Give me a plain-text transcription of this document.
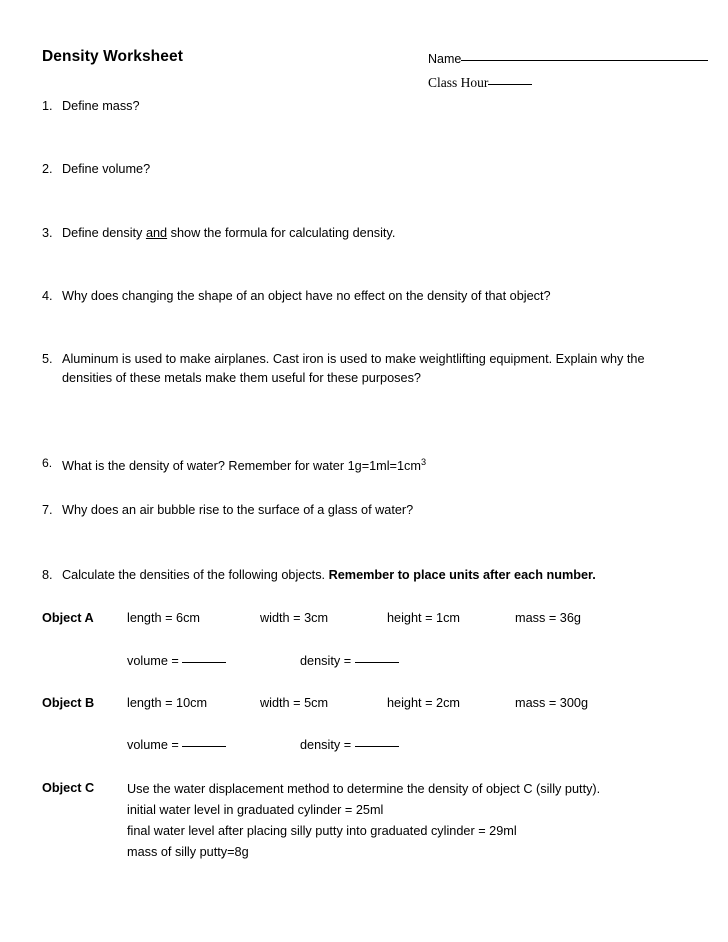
Density Worksheet	Name
Class Hour
1. Define mass?
2. Define volume?
3. Define density and show the formula for calculating density.
4. Why does changing the shape of an object have no effect on the density of that object?
5. Aluminum is used to make airplanes. Cast iron is used to make weightlifting equipment. Explain why the densities of these metals make them useful for these purposes?
6. What is the density of water? Remember for water $1g=1ml=1cm^3$
7. Why does an air bubble rise to the surface of a glass of water?
8. Calculate the densities of the following objects. Remember to place units after each number.
Object A	length = 6cm	width = 3cm	height = 1cm	mass = 36g
volume =	density =
Object B	length = 10cm	width = 5cm	height = 2cm	mass = 300g
volume =	density =
Object C	Use the water displacement method to determine the density of object C (silly putty).
initial water level in graduated cylinder = 25ml
final water level after placing silly putty into graduated cylinder = 29ml
mass of silly putty=8g
